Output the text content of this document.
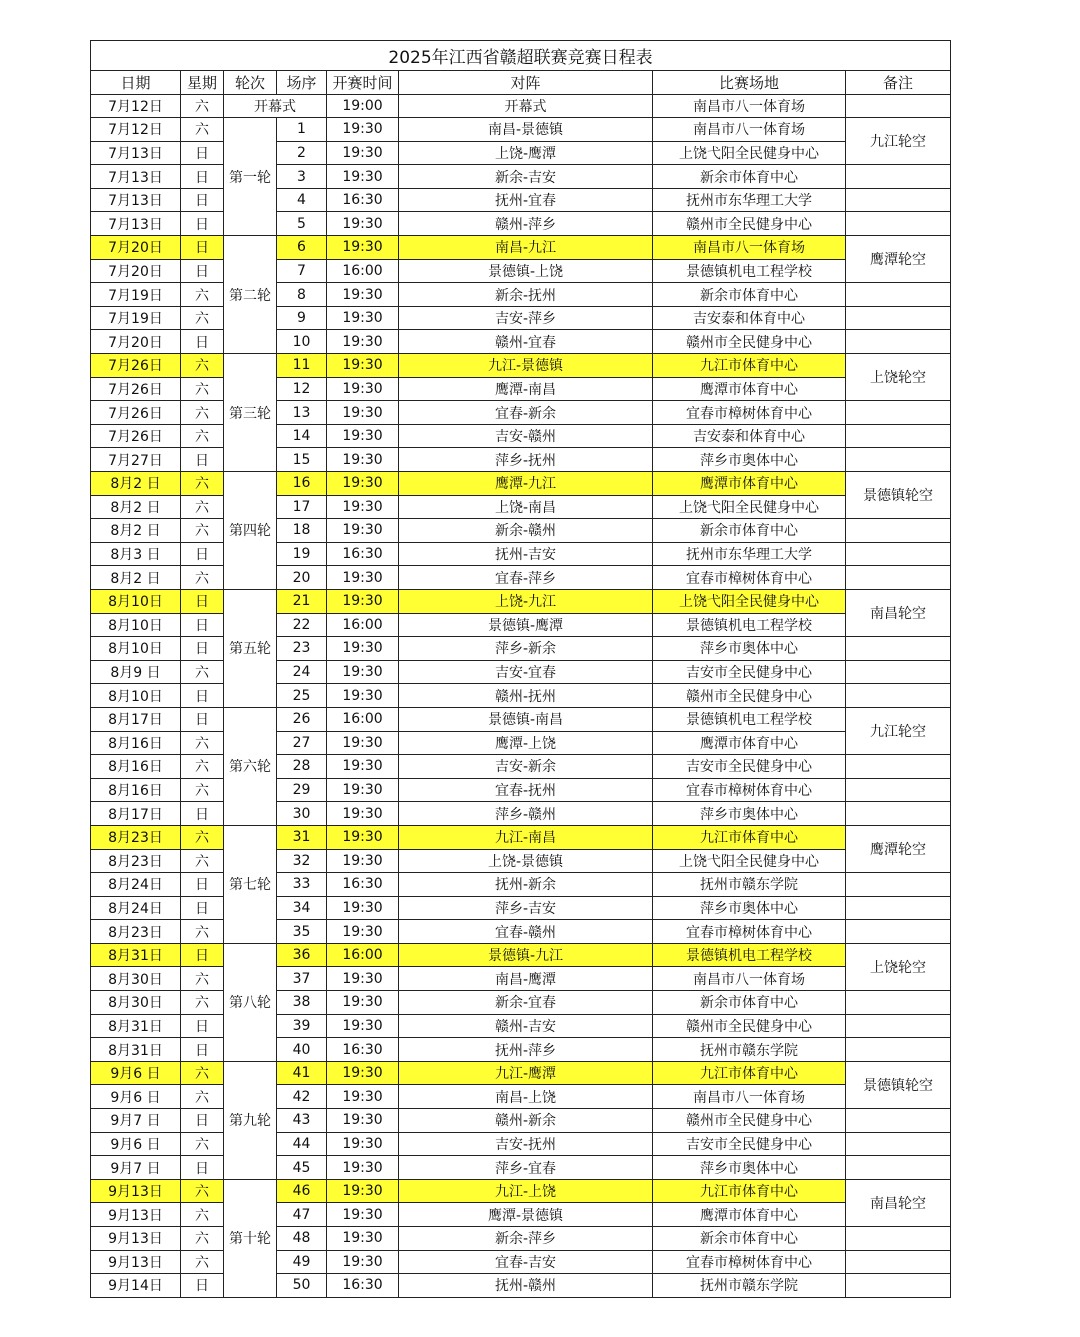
2025年江西省赣超联赛竞赛日程表							
日期	星期	轮次	场序	开赛时间	对阵	比赛场地	备注
7月12日	六	开幕式		19:00	开幕式	南昌市八一体育场	
7月12日	六	第一轮	1	19:30	南昌-景德镇	南昌市八一体育场	九江轮空
7月13日	日		2	19:30	上饶-鹰潭	上饶弋阳全民健身中心	
7月13日	日		3	19:30	新余-吉安	新余市体育中心	
7月13日	日		4	16:30	抚州-宜春	抚州市东华理工大学	
7月13日	日		5	19:30	赣州-萍乡	赣州市全民健身中心	
7月20日	日	第二轮	6	19:30	南昌-九江	南昌市八一体育场	鹰潭轮空
7月20日	日		7	16:00	景德镇-上饶	景德镇机电工程学校	
7月19日	六		8	19:30	新余-抚州	新余市体育中心	
7月19日	六		9	19:30	吉安-萍乡	吉安泰和体育中心	
7月20日	日		10	19:30	赣州-宜春	赣州市全民健身中心	
7月26日	六	第三轮	11	19:30	九江-景德镇	九江市体育中心	上饶轮空
7月26日	六		12	19:30	鹰潭-南昌	鹰潭市体育中心	
7月26日	六		13	19:30	宜春-新余	宜春市樟树体育中心	
7月26日	六		14	19:30	吉安-赣州	吉安泰和体育中心	
7月27日	日		15	19:30	萍乡-抚州	萍乡市奥体中心	
8月2 日	六	第四轮	16	19:30	鹰潭-九江	鹰潭市体育中心	景德镇轮空
8月2 日	六		17	19:30	上饶-南昌	上饶弋阳全民健身中心	
8月2 日	六		18	19:30	新余-赣州	新余市体育中心	
8月3 日	日		19	16:30	抚州-吉安	抚州市东华理工大学	
8月2 日	六		20	19:30	宜春-萍乡	宜春市樟树体育中心	
8月10日	日	第五轮	21	19:30	上饶-九江	上饶弋阳全民健身中心	南昌轮空
8月10日	日		22	16:00	景德镇-鹰潭	景德镇机电工程学校	
8月10日	日		23	19:30	萍乡-新余	萍乡市奥体中心	
8月9 日	六		24	19:30	吉安-宜春	吉安市全民健身中心	
8月10日	日		25	19:30	赣州-抚州	赣州市全民健身中心	
8月17日	日	第六轮	26	16:00	景德镇-南昌	景德镇机电工程学校	九江轮空
8月16日	六		27	19:30	鹰潭-上饶	鹰潭市体育中心	
8月16日	六		28	19:30	吉安-新余	吉安市全民健身中心	
8月16日	六		29	19:30	宜春-抚州	宜春市樟树体育中心	
8月17日	日		30	19:30	萍乡-赣州	萍乡市奥体中心	
8月23日	六	第七轮	31	19:30	九江-南昌	九江市体育中心	鹰潭轮空
8月23日	六		32	19:30	上饶-景德镇	上饶弋阳全民健身中心	
8月24日	日		33	16:30	抚州-新余	抚州市赣东学院	
8月24日	日		34	19:30	萍乡-吉安	萍乡市奥体中心	
8月23日	六		35	19:30	宜春-赣州	宜春市樟树体育中心	
8月31日	日	第八轮	36	16:00	景德镇-九江	景德镇机电工程学校	上饶轮空
8月30日	六		37	19:30	南昌-鹰潭	南昌市八一体育场	
8月30日	六		38	19:30	新余-宜春	新余市体育中心	
8月31日	日		39	19:30	赣州-吉安	赣州市全民健身中心	
8月31日	日		40	16:30	抚州-萍乡	抚州市赣东学院	
9月6 日	六	第九轮	41	19:30	九江-鹰潭	九江市体育中心	景德镇轮空
9月6 日	六		42	19:30	南昌-上饶	南昌市八一体育场	
9月7 日	日		43	19:30	赣州-新余	赣州市全民健身中心	
9月6 日	六		44	19:30	吉安-抚州	吉安市全民健身中心	
9月7 日	日		45	19:30	萍乡-宜春	萍乡市奥体中心	
9月13日	六	第十轮	46	19:30	九江-上饶	九江市体育中心	南昌轮空
9月13日	六		47	19:30	鹰潭-景德镇	鹰潭市体育中心	
9月13日	六		48	19:30	新余-萍乡	新余市体育中心	
9月13日	六		49	19:30	宜春-吉安	宜春市樟树体育中心	
9月14日	日		50	16:30	抚州-赣州	抚州市赣东学院	
